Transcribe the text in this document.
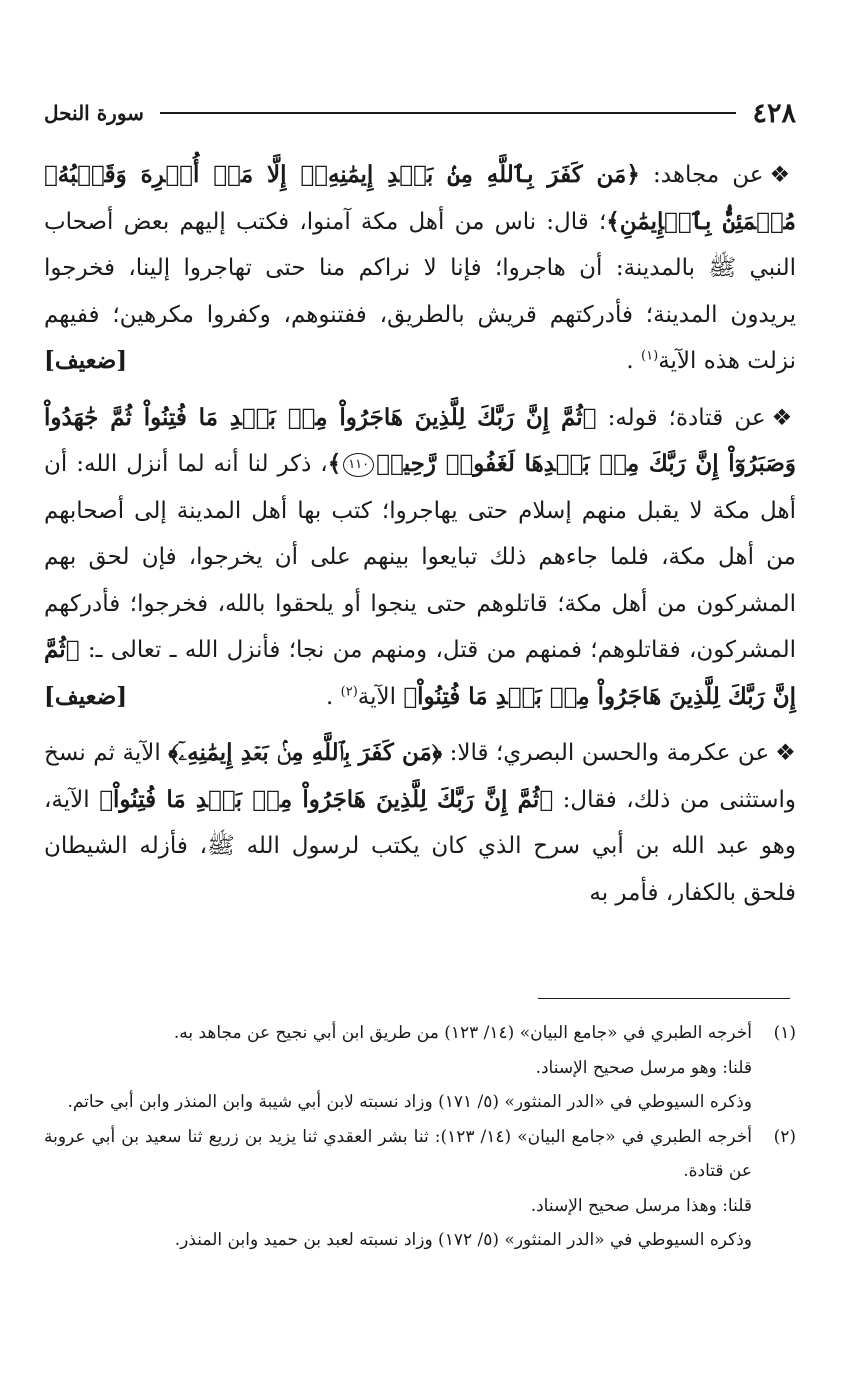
٤٢٨
سورة النحل

❖عن مجاهد: ﴿مَن كَفَرَ بِٱللَّهِ مِنۢ بَعۡدِ إِيمَٰنِهِۦٓ إِلَّا مَنۡ أُكۡرِهَ وَقَلۡبُهُۥ مُطۡمَئِنُّۢ بِٱلۡإِيمَٰنِ﴾؛ قال: ناس من أهل مكة آمنوا، فكتب إليهم بعض أصحاب النبي ﷺ بالمدينة: أن هاجروا؛ فإنا لا نراكم منا حتى تهاجروا إلينا، فخرجوا يريدون المدينة؛ فأدركتهم قريش بالطريق، ففتنوهم، وكفروا مكرهين؛ ففيهم نزلت هذه الآية$^{(١)}$ .
[ضعيف]

❖عن قتادة؛ قوله: ﴿ثُمَّ إِنَّ رَبَّكَ لِلَّذِينَ هَاجَرُواْ مِنۢ بَعۡدِ مَا فُتِنُواْ ثُمَّ جَٰهَدُواْ وَصَبَرُوٓاْ إِنَّ رَبَّكَ مِنۢ بَعۡدِهَا لَغَفُورٞ رَّحِيمٞ١١٠﴾، ذكر لنا أنه لما أنزل الله: أن أهل مكة لا يقبل منهم إسلام حتى يهاجروا؛ كتب بها أهل المدينة إلى أصحابهم من أهل مكة، فلما جاءهم ذلك تبايعوا بينهم على أن يخرجوا، فإن لحق بهم المشركون من أهل مكة؛ قاتلوهم حتى ينجوا أو يلحقوا بالله، فخرجوا؛ فأدركهم المشركون، فقاتلوهم؛ فمنهم من قتل، ومنهم من نجا؛ فأنزل الله ـ تعالى ـ: ﴿ثُمَّ إِنَّ رَبَّكَ لِلَّذِينَ هَاجَرُواْ مِنۢ بَعۡدِ مَا فُتِنُواْ﴾ الآية$^{(٢)}$ .
[ضعيف]

❖عن عكرمة والحسن البصري؛ قالا: ﴿مَن كَفَرَ بِٱللَّهِ مِنۢ بَعۡدِ إِيمَٰنِهِۦٓ﴾ الآية ثم نسخ واستثنى من ذلك، فقال: ﴿ثُمَّ إِنَّ رَبَّكَ لِلَّذِينَ هَاجَرُواْ مِنۢ بَعۡدِ مَا فُتِنُواْ﴾ الآية، وهو عبد الله بن أبي سرح الذي كان يكتب لرسول الله ﷺ، فأزله الشيطان فلحق بالكفار، فأمر به

(١)
أخرجه الطبري في «جامع البيان» (١٤/ ١٢٣) من طريق ابن أبي نجيح عن مجاهد به.
قلنا: وهو مرسل صحيح الإسناد.
وذكره السيوطي في «الدر المنثور» (٥/ ١٧١) وزاد نسبته لابن أبي شيبة وابن المنذر وابن أبي حاتم.
(٢)
أخرجه الطبري في «جامع البيان» (١٤/ ١٢٣): ثنا بشر العقدي ثنا يزيد بن زريع ثنا سعيد بن أبي عروبة عن قتادة.
قلنا: وهذا مرسل صحيح الإسناد.
وذكره السيوطي في «الدر المنثور» (٥/ ١٧٢) وزاد نسبته لعبد بن حميد وابن المنذر.
